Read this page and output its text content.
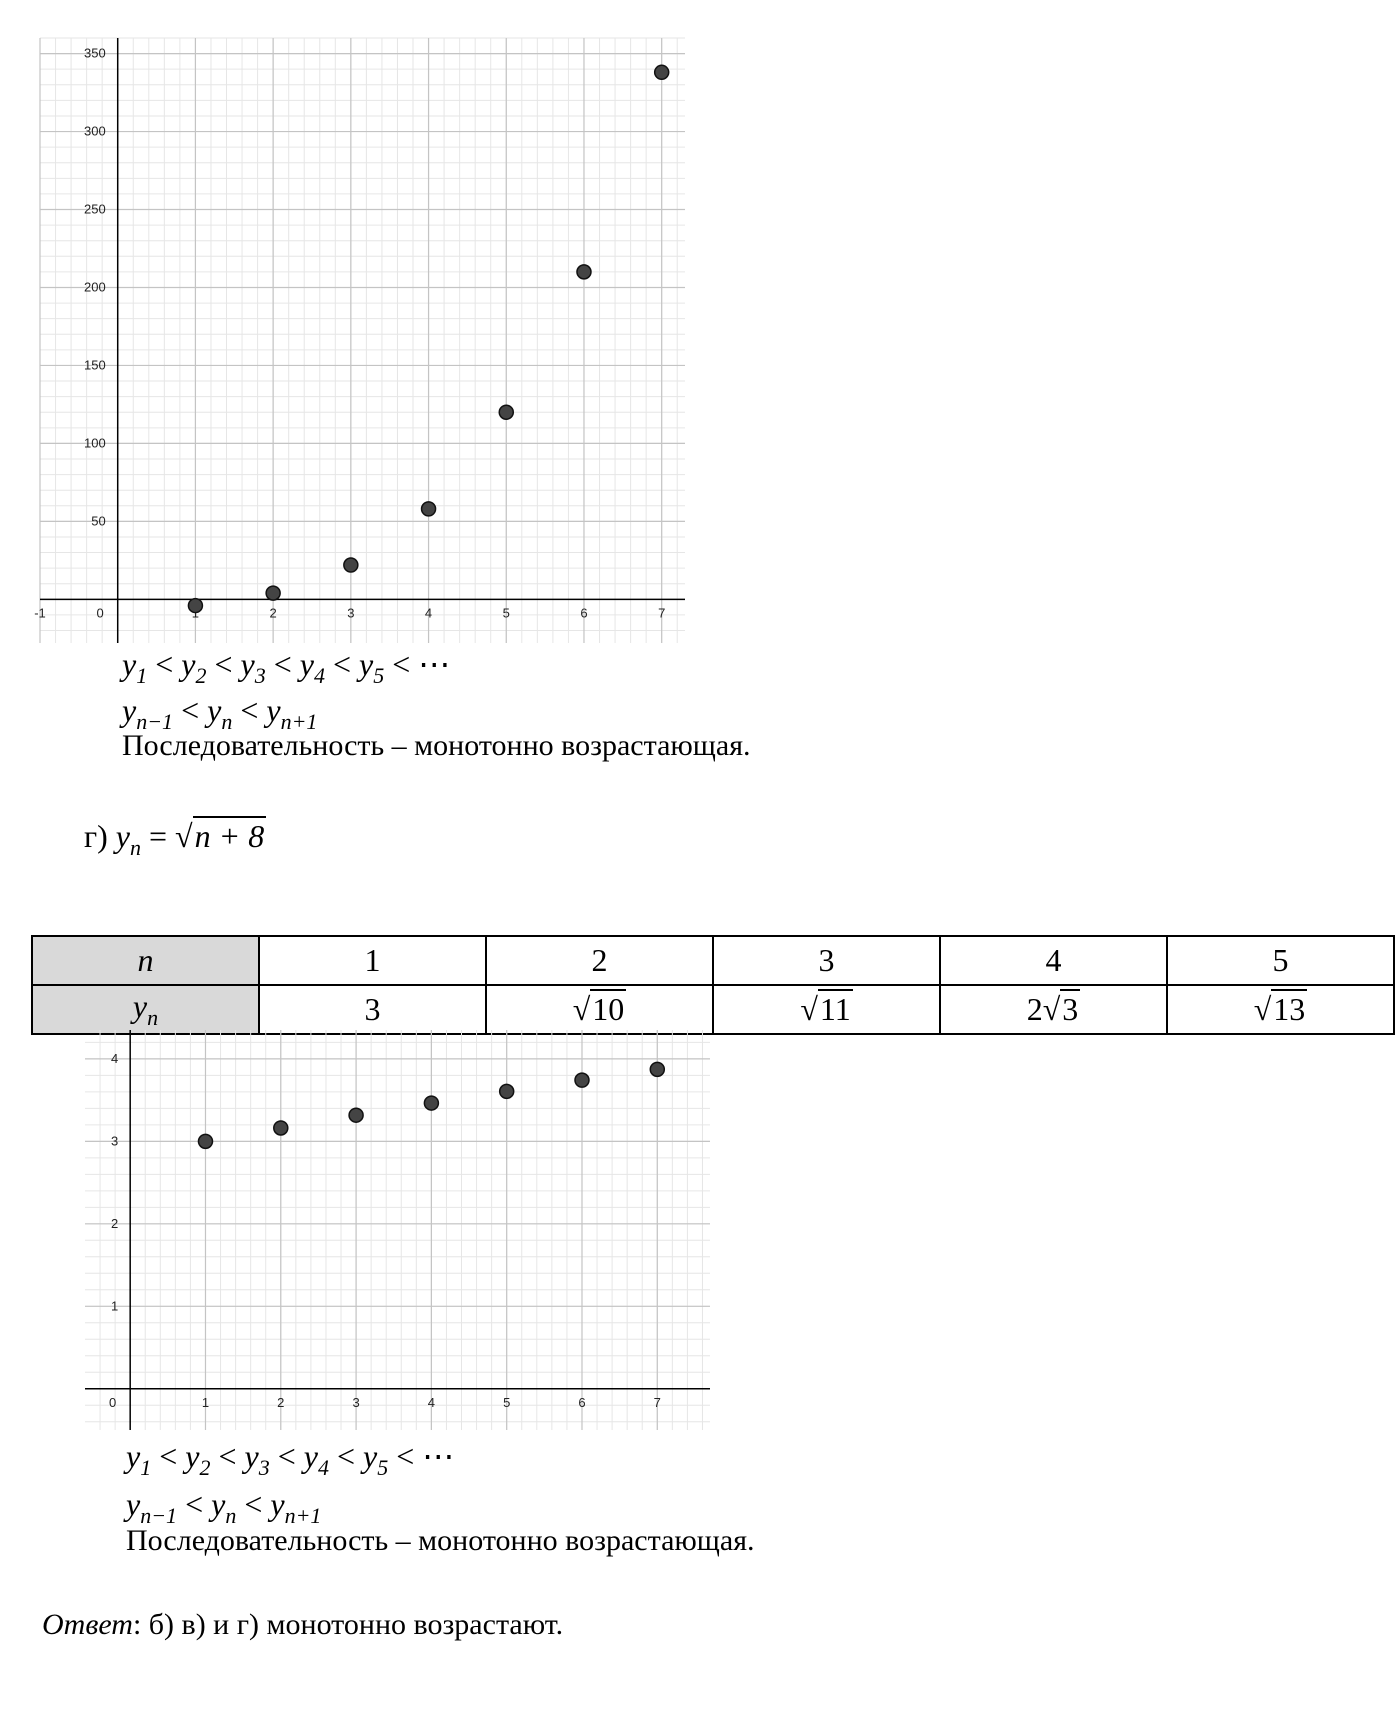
2	3	4	5	6	7
50
100
150
200
250
300
350
0
-1
$y_1 < y_2 < y_3 < y_4 < y_5$ < ⋯
$y_{n-1} < y_n < y_{n+1}$
Последовательность – монотонно возрастающая.
г) $y_n = √n + 8$
n	1	2	3	4	5
$y_n$	3	√10	√11	2√3	√13
1	2	3	4	5	6	7
1
2
3
4
0
$y_1 < y_2 < y_3 < y_4 < y_5$ < ⋯
$y_{n-1} < y_n < y_{n+1}$
Последовательность – монотонно возрастающая.
Ответ: б) в) и г) монотонно возрастают.
